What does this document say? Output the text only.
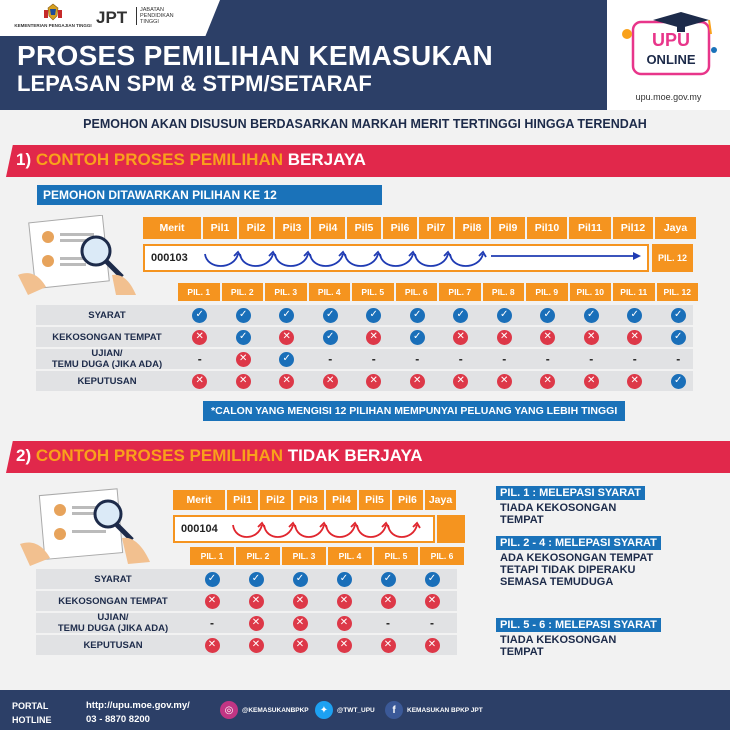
KEMENTERIAN PENGAJIAN TINGGI JPT	JABATAN PENDIDIKAN TINGGI
PROSES PEMILIHAN KEMASUKAN
LEPASAN SPM & STPM/SETARAF
UPU
ONLINE
upu.moe.gov.my
PEMOHON AKAN DISUSUN BERDASARKAN MARKAH MERIT TERTINGGI HINGGA TERENDAH
1) CONTOH PROSES PEMILIHAN BERJAYA
PEMOHON DITAWARKAN PILIHAN KE 12
Merit	Pil1	Pil2	Pil3	Pil4	Pil5	Pil6	Pil7	Pil8	Pil9	Pil10	Pil11	Pil12	Jaya
000103	PIL. 12
PIL. 1	PIL. 2	PIL. 3	PIL. 4	PIL. 5	PIL. 6	PIL. 7	PIL. 8	PIL. 9	PIL. 10	PIL. 11	PIL. 12
SYARAT	✓	✓	✓	✓	✓	✓	✓	✓	✓	✓	✓	✓
KEKOSONGAN TEMPAT	✕	✓	✕	✓	✕	✓	✕	✕	✕	✕	✕	✓
UJIAN/
TEMU DUGA (JIKA ADA)	-	✕	✓	-	-	-	-	-	-	-	-	-
KEPUTUSAN	✕	✕	✕	✕	✕	✕	✕	✕	✕	✕	✕	✓
*CALON YANG MENGISI 12 PILIHAN MEMPUNYAI PELUANG YANG LEBIH TINGGI
2) CONTOH PROSES PEMILIHAN TIDAK BERJAYA
Merit	Pil1	Pil2	Pil3	Pil4	Pil5	Pil6	Jaya
000104
PIL. 1	PIL. 2	PIL. 3	PIL. 4	PIL. 5	PIL. 6
SYARAT	✓	✓	✓	✓	✓	✓
KEKOSONGAN TEMPAT	✕	✕	✕	✕	✕	✕
UJIAN/
TEMU DUGA (JIKA ADA)	-	✕	✕	✕	-	-
KEPUTUSAN	✕	✕	✕	✕	✕	✕
PIL. 1 : MELEPASI SYARAT
TIADA KEKOSONGAN
TEMPAT
PIL. 2 - 4 : MELEPASI SYARAT
ADA KEKOSONGAN TEMPAT
TETAPI TIDAK DIPERAKU
SEMASA TEMUDUGA
PIL. 5 - 6 : MELEPASI SYARAT
TIADA KEKOSONGAN
TEMPAT
PORTAL
HOTLINE
http://upu.moe.gov.my/
03 - 8870 8200
◎	@KEMASUKANBPKP	✦	@TWT_UPU	f	KEMASUKAN BPKP JPT
